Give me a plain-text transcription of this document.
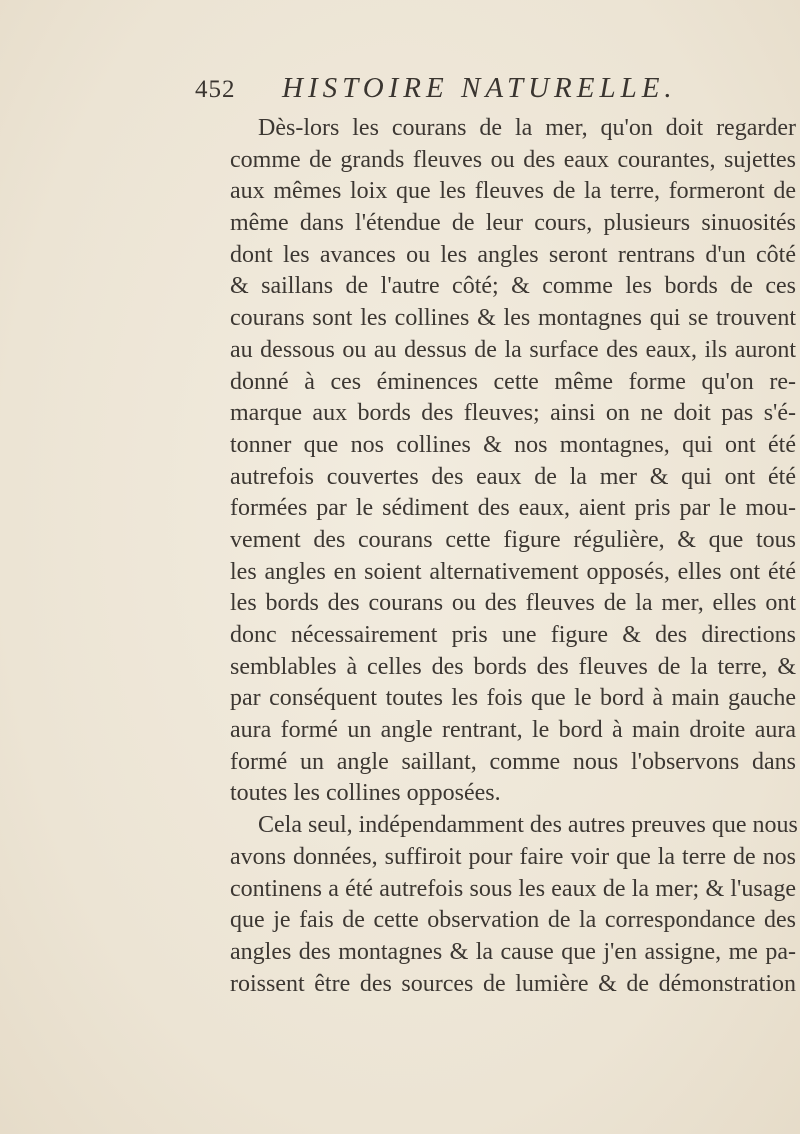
452 HISTOIRE NATURELLE.
Dès-lors les courans de la mer, qu'on doit regarder
comme de grands fleuves ou des eaux courantes, sujettes
aux mêmes loix que les fleuves de la terre, formeront de
même dans l'étendue de leur cours, plusieurs sinuosités
dont les avances ou les angles seront rentrans d'un côté
& saillans de l'autre côté; & comme les bords de ces
courans sont les collines & les montagnes qui se trouvent
au dessous ou au dessus de la surface des eaux, ils auront
donné à ces éminences cette même forme qu'on re-
marque aux bords des fleuves; ainsi on ne doit pas s'é-
tonner que nos collines & nos montagnes, qui ont été
autrefois couvertes des eaux de la mer & qui ont été
formées par le sédiment des eaux, aient pris par le mou-
vement des courans cette figure régulière, & que tous
les angles en soient alternativement opposés, elles ont été
les bords des courans ou des fleuves de la mer, elles ont
donc nécessairement pris une figure & des directions
semblables à celles des bords des fleuves de la terre, &
par conséquent toutes les fois que le bord à main gauche
aura formé un angle rentrant, le bord à main droite aura
formé un angle saillant, comme nous l'observons dans
toutes les collines opposées.
Cela seul, indépendamment des autres preuves que nous
avons données, suffiroit pour faire voir que la terre de nos
continens a été autrefois sous les eaux de la mer; & l'usage
que je fais de cette observation de la correspondance des
angles des montagnes & la cause que j'en assigne, me pa-
roissent être des sources de lumière & de démonstration
